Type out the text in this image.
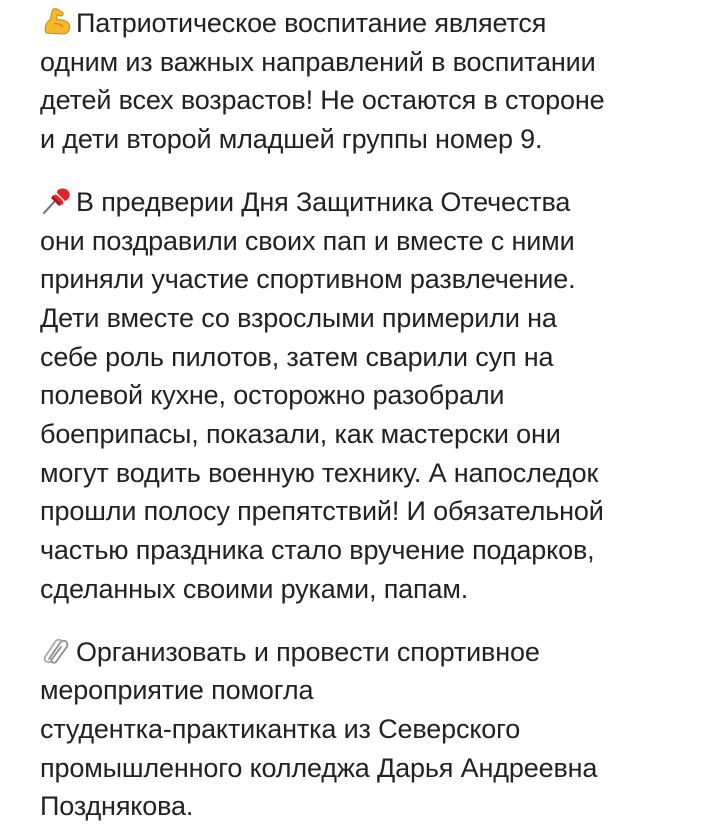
Патриотическое воспитание является
одним из важных направлений в воспитании
детей всех возрастов! Не остаются в стороне
и дети второй младшей группы номер 9.

В предверии Дня Защитника Отечества
они поздравили своих пап и вместе с ними
приняли участие спортивном развлечение.
Дети вместе со взрослыми примерили на
себе роль пилотов, затем сварили суп на
полевой кухне, осторожно разобрали
боеприпасы, показали, как мастерски они
могут водить военную технику. А напоследок
прошли полосу препятствий! И обязательной
частью праздника стало вручение подарков,
сделанных своими руками, папам.

Организовать и провести спортивное
мероприятие помогла
студентка-практикантка из Северского
промышленного колледжа Дарья Андреевна
Позднякова.
